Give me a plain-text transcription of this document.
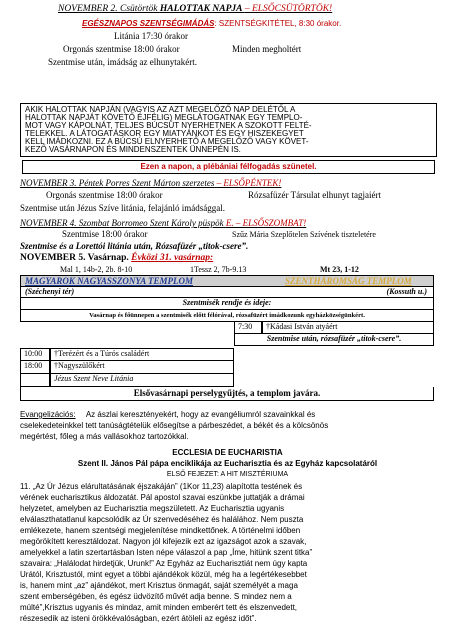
NOVEMBER 2. Csütörtök HALOTTAK NAPJA – ELSŐCSÜTÖRTÖK!
EGÉSZNAPOS SZENTSÉGIMÁDÁS: SZENTSÉGKITÉTEL, 8:30 órakor.
Litánia 17:30 órakor
Orgonás szentmise 18:00 órakor	Minden megholtért
Szentmise után, imádság az elhunytakért.
AKIK HALOTTAK NAPJÁN (VAGYIS AZ AZT MEGELŐZŐ NAP DELÉTŐL A
HALOTTAK NAPJÁT KÖVETŐ ÉJFÉLIG) MEGLÁTOGATNAK EGY TEMPLO-
MOT VAGY KÁPOLNÁT, TELJES BÚCSÚT NYERHETNEK A SZOKOTT FELTÉ-
TELEKKEL. A LÁTOGATÁSKOR EGY MIATYÁNKOT ÉS EGY HISZEKEGYET
KELL IMÁDKOZNI. EZ A BÚCSÚ ELNYERHETŐ A MEGELŐZŐ VAGY KÖVET-
KEZŐ VASÁRNAPON ÉS MINDENSZENTEK ÜNNEPÉN IS.
Ezen a napon, a plébániai félfogadás szünetel.
NOVEMBER 3. Péntek Porres Szent Márton szerzetes – ELSŐPÉNTEK!
Orgonás szentmise 18:00 órakor	Rózsafüzér Társulat elhunyt tagjaiért
Szentmise után Jézus Szíve litánia, felajánló imádsággal.
NOVEMBER 4. Szombat Borromeo Szent Károly püspök E. – ELSŐSZOMBAT!
Szentmise 18:00 órakor	Szűz Mária Szeplőtelen Szívének tiszteletére
Szentmise és a Lorettói litánia után, Rózsafüzér „titok-csere”.
NOVEMBER 5. Vasárnap. Évközi 31. vasárnap:
Mal 1, 14b-2, 2b. 8-10	1Tessz 2, 7b-9.13	Mt 23, 1-12
MAGYAROK NAGYASSZONYA TEMPLOM	SZENTHÁROMSÁG TEMPLOM
(Széchenyi tér)	(Kossuth u.)
Szentmisék rendje és ideje:
Vasárnap és főünnepen a szentmisék előtt félórával, rózsafüzért imádkozunk egyházközségünkért.
7:30	†Kádasi István atyáért
Szentmise után, rózsafüzér „titok-csere”.
10:00	†Terézért és a Túrós családért
18:00	†Nagyszülőkért
Jézus Szent Neve Litánia
Elsővasárnapi perselygyűjtés, a templom javára.
Evangelizációs: Az ászlai keresztényekért, hogy az evangéliumról szavainkkal és
cselekedeteinkkel tett tanúságtételük elősegítse a párbeszédet, a békét és a kölcsönös
megértést, főleg a más vallásokhoz tartozókkal.
ECCLESIA DE EUCHARISTIA
Szent II. János Pál pápa enciklikája az Eucharisztia és az Egyház kapcsolatáról
ELSŐ FEJEZET: A HIT MISZTÉRIUMA
11. „Az Úr Jézus elárultatásának éjszakáján” (1Kor 11,23) alapította testének és
vérének eucharisztikus áldozatát. Pál apostol szavai eszünkbe juttatják a drámai
helyzetet, amelyben az Eucharisztia megszületett. Az Eucharisztia ugyanis
elválaszthatatlanul kapcsolódik az Úr szenvedéséhez és halálához. Nem puszta
emlékezete, hanem szentségi megjelenítése mindkettőnek. A történelmi időben
megörökített keresztáldozat. Nagyon jól kifejezik ezt az igazságot azok a szavak,
amelyekkel a latin szertartásban Isten népe válaszol a pap „Íme, hitünk szent titka”
szavaira: „Halálodat hirdetjük, Urunk!” Az Egyház az Eucharisztiát nem úgy kapta
Urától, Krisztustól, mint egyet a többi ajándékok közül, még ha a legértékesebbet
is, hanem mint „az” ajándékot, mert Krisztus önmagát, saját személyét a maga
szent emberségében, és egész üdvözítő művét adja benne. S mindez nem a
múlté”,Krisztus ugyanis és mindaz, amit minden emberért tett és elszenvedett,
részesedik az isteni örökkévalóságban, ezért átöleli az egész időt”.
